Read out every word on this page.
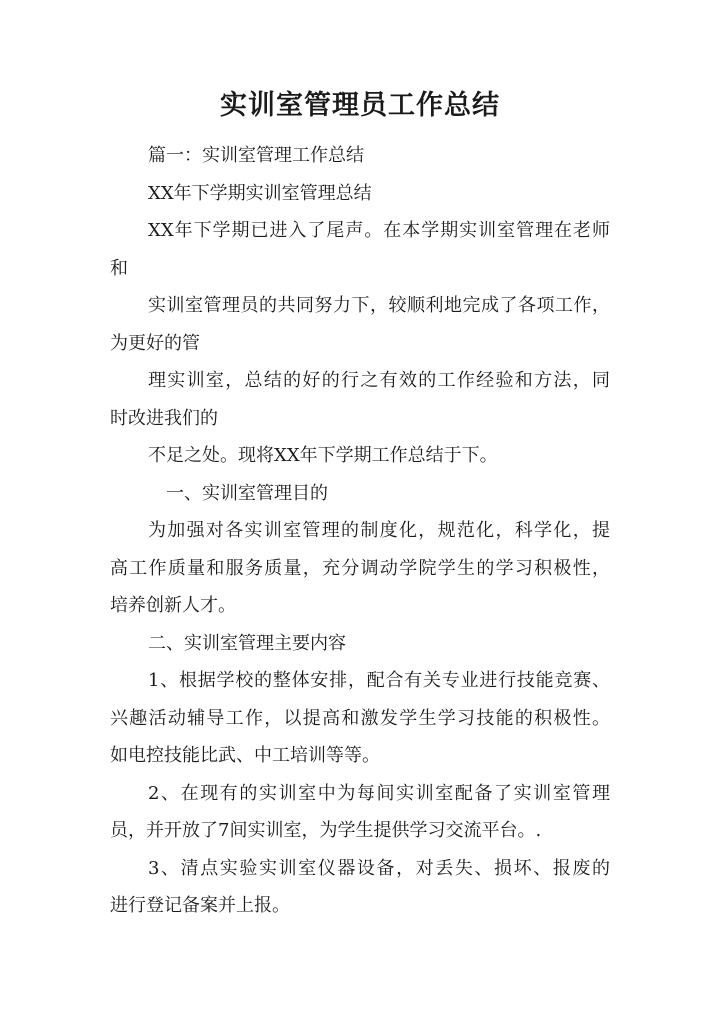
实训室管理员工作总结

篇一：实训室管理工作总结

XX年下学期实训室管理总结

XX年下学期已进入了尾声。在本学期实训室管理在老师

和

实训室管理员的共同努力下，较顺利地完成了各项工作，

为更好的管

理实训室，总结的好的行之有效的工作经验和方法，同

时改进我们的

不足之处。现将XX年下学期工作总结于下。

一、实训室管理目的

为加强对各实训室管理的制度化，规范化，科学化，提

高工作质量和服务质量，充分调动学院学生的学习积极性，

培养创新人才。

二、实训室管理主要内容

1、根据学校的整体安排，配合有关专业进行技能竞赛、

兴趣活动辅导工作，以提高和激发学生学习技能的积极性。

如电控技能比武、中工培训等等。

2、在现有的实训室中为每间实训室配备了实训室管理

员，并开放了7间实训室，为学生提供学习交流平台。.

3、清点实验实训室仪器设备，对丢失、损坏、报废的

进行登记备案并上报。
